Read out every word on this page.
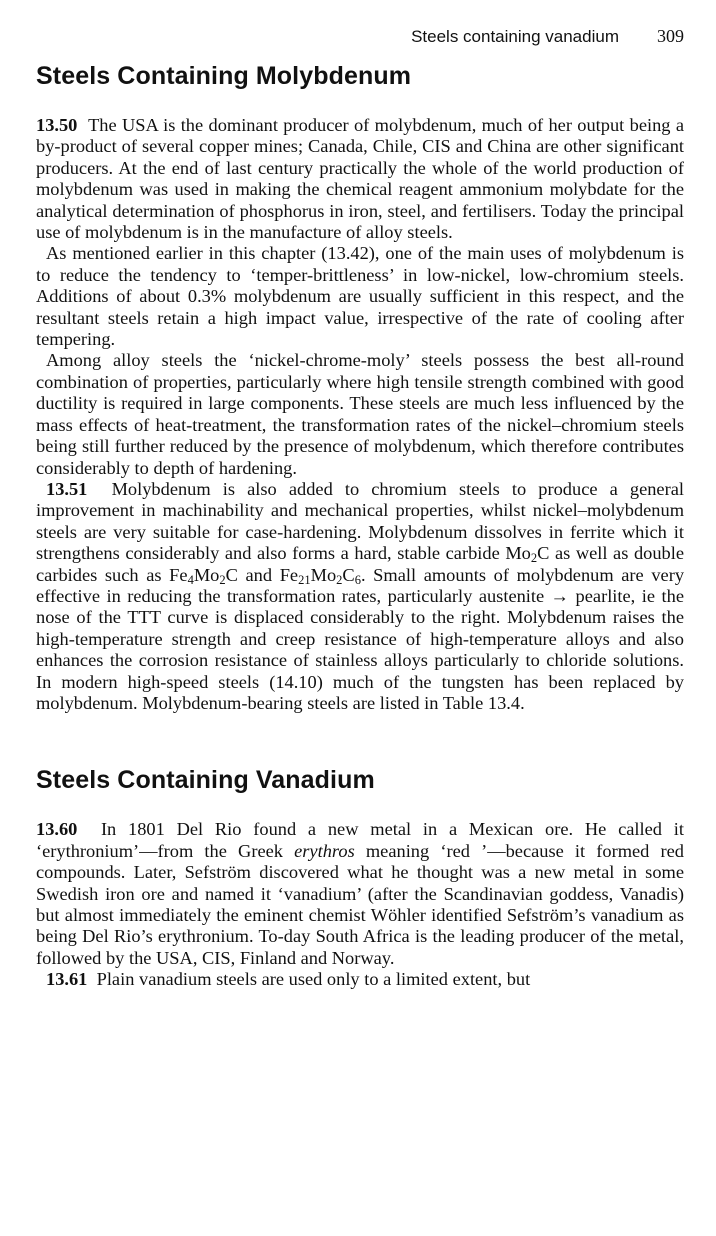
Steels containing vanadium 309
Steels Containing Molybdenum

13.50 The USA is the dominant producer of molybdenum, much of her output being a by-product of several copper mines; Canada, Chile, CIS and China are other significant producers. At the end of last century practically the whole of the world production of molybdenum was used in making the chemical reagent ammonium molybdate for the analytical determination of phosphorus in iron, steel, and fertilisers. Today the principal use of molybdenum is in the manufacture of alloy steels.

As mentioned earlier in this chapter (13.42), one of the main uses of molybdenum is to reduce the tendency to ‘temper-brittleness’ in low-nickel, low-chromium steels. Additions of about 0.3% molybdenum are usually sufficient in this respect, and the resultant steels retain a high impact value, irrespective of the rate of cooling after tempering.

Among alloy steels the ‘nickel-chrome-moly’ steels possess the best all-round combination of properties, particularly where high tensile strength combined with good ductility is required in large components. These steels are much less influenced by the mass effects of heat-treatment, the transformation rates of the nickel–chromium steels being still further reduced by the presence of molybdenum, which therefore contributes considerably to depth of hardening.

13.51 Molybdenum is also added to chromium steels to produce a general improvement in machinability and mechanical properties, whilst nickel–molybdenum steels are very suitable for case-hardening. Molybdenum dissolves in ferrite which it strengthens considerably and also forms a hard, stable carbide $Mo_2C$ as well as double carbides such as $Fe_4Mo_2C$ and $Fe_{21}Mo_2C_6$. Small amounts of molybdenum are very effective in reducing the transformation rates, particularly austenite → pearlite, ie the nose of the TTT curve is displaced considerably to the right. Molybdenum raises the high-temperature strength and creep resistance of high-temperature alloys and also enhances the corrosion resistance of stainless alloys particularly to chloride solutions. In modern high-speed steels (14.10) much of the tungsten has been replaced by molybdenum. Molybdenum-bearing steels are listed in Table 13.4.

Steels Containing Vanadium

13.60 In 1801 Del Rio found a new metal in a Mexican ore. He called it ‘erythronium’—from the Greek erythros meaning ‘red ’—because it formed red compounds. Later, Sefström discovered what he thought was a new metal in some Swedish iron ore and named it ‘vanadium’ (after the Scandinavian goddess, Vanadis) but almost immediately the eminent chemist Wöhler identified Sefström’s vanadium as being Del Rio’s erythronium. To-day South Africa is the leading producer of the metal, followed by the USA, CIS, Finland and Norway.

13.61 Plain vanadium steels are used only to a limited extent, but
